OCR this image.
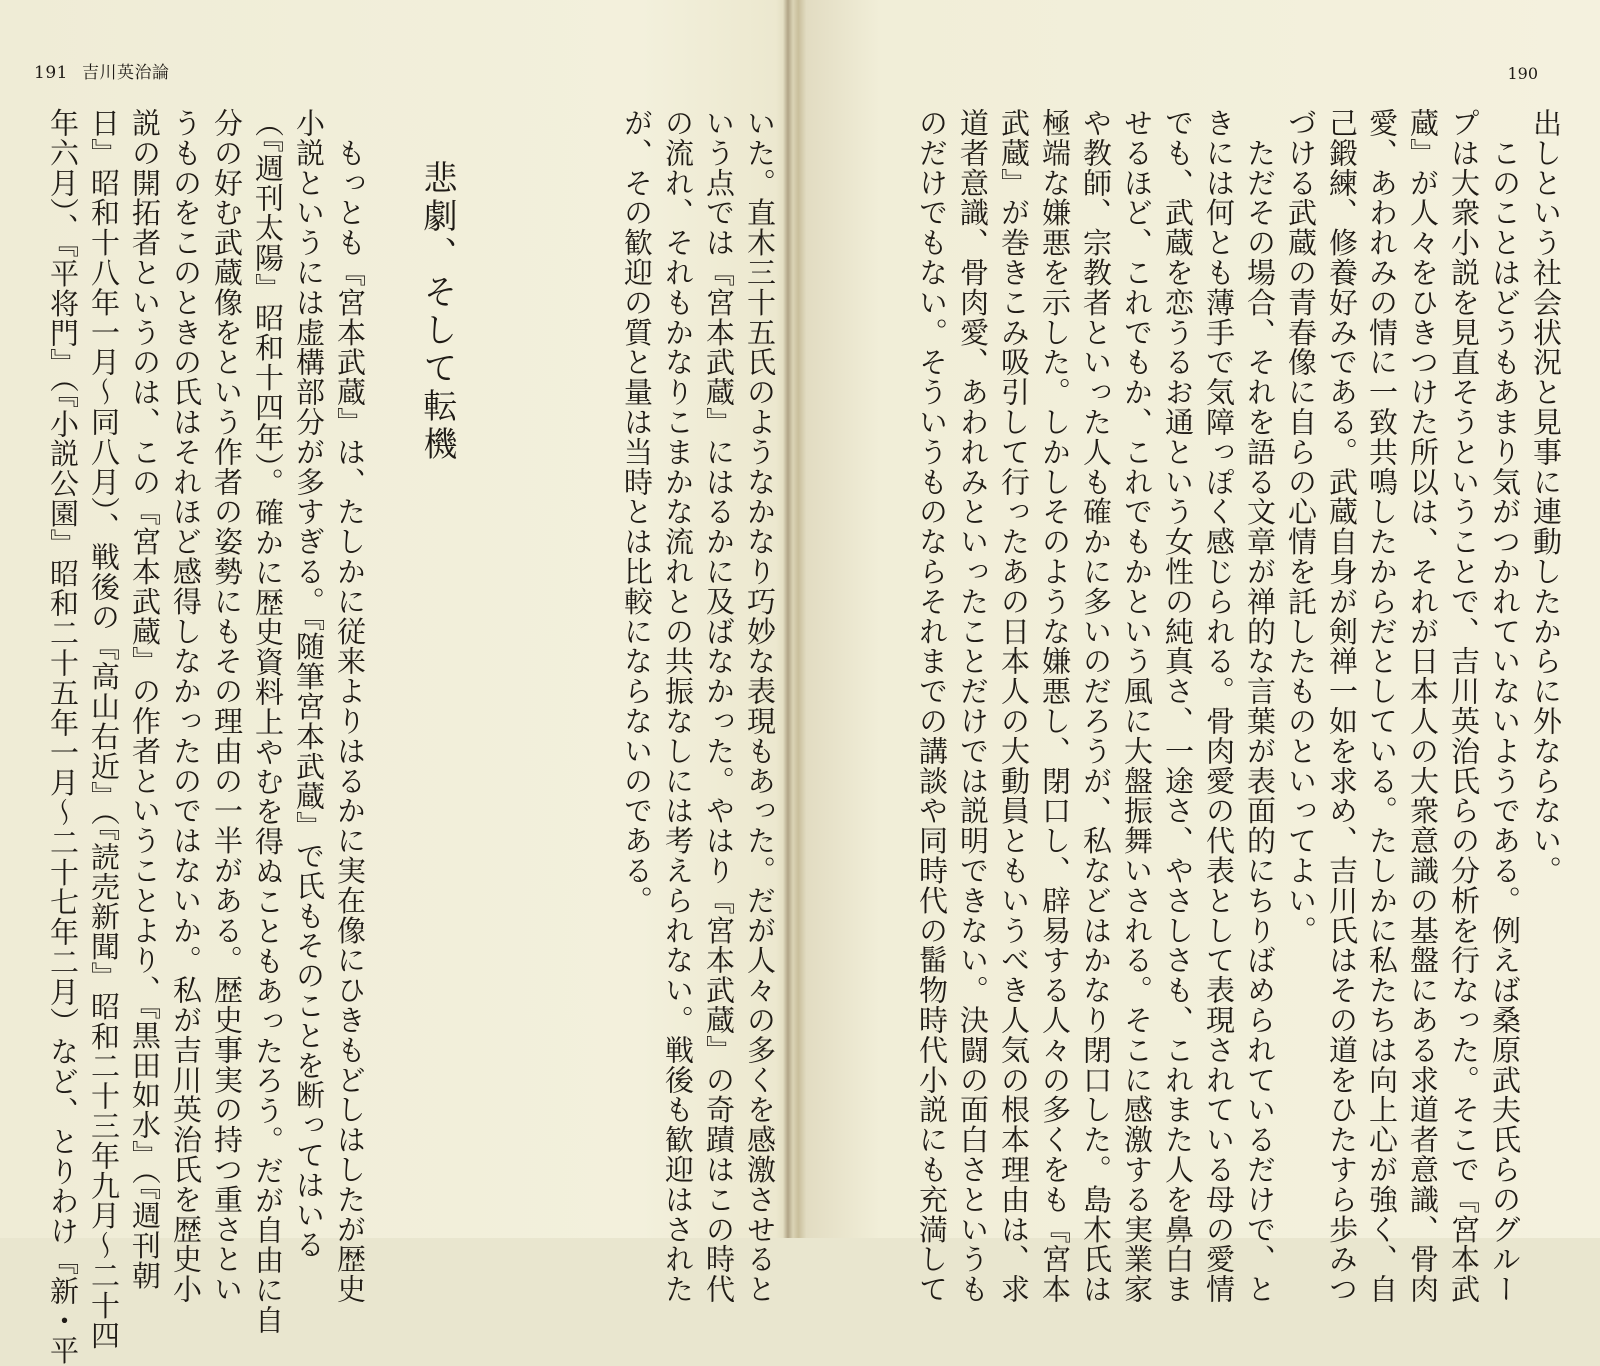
191 吉川英治論
いた。直木三十五氏のようなかなり巧妙な表現もあった。だが人々の多くを感激させると
いう点では『宮本武蔵』にはるかに及ばなかった。やはり『宮本武蔵』の奇蹟はこの時代
の流れ、それもかなりこまかな流れとの共振なしには考えられない。戦後も歓迎はされた
が、その歓迎の質と量は当時とは比較にならないのである。
悲劇、そして転機
　もっとも『宮本武蔵』は、たしかに従来よりはるかに実在像にひきもどしはしたが歴史
小説というには虚構部分が多すぎる。『随筆宮本武蔵』で氏もそのことを断ってはいる
（『週刊太陽』昭和十四年）。確かに歴史資料上やむを得ぬこともあったろう。だが自由に自
分の好む武蔵像をという作者の姿勢にもその理由の一半がある。歴史事実の持つ重さとい
うものをこのときの氏はそれほど感得しなかったのではないか。私が吉川英治氏を歴史小
説の開拓者というのは、この『宮本武蔵』の作者ということより、『黒田如水』（『週刊朝
日』昭和十八年一月〜同八月）、戦後の『高山右近』（『読売新聞』昭和二十三年九月〜二十四
年六月）、『平将門』（『小説公園』昭和二十五年一月〜二十七年二月）など、とりわけ『新・平
190
出しという社会状況と見事に連動したからに外ならない。
　このことはどうもあまり気がつかれていないようである。例えば桑原武夫氏らのグルー
プは大衆小説を見直そうということで、吉川英治氏らの分析を行なった。そこで『宮本武
蔵』が人々をひきつけた所以は、それが日本人の大衆意識の基盤にある求道者意識、骨肉
愛、あわれみの情に一致共鳴したからだとしている。たしかに私たちは向上心が強く、自
己鍛練、修養好みである。武蔵自身が剣禅一如を求め、吉川氏はその道をひたすら歩みつ
づける武蔵の青春像に自らの心情を託したものといってよい。
　ただその場合、それを語る文章が禅的な言葉が表面的にちりばめられているだけで、と
きには何とも薄手で気障っぽく感じられる。骨肉愛の代表として表現されている母の愛情
でも、武蔵を恋うるお通という女性の純真さ、一途さ、やさしさも、これまた人を鼻白ま
せるほど、これでもか、これでもかという風に大盤振舞いされる。そこに感激する実業家
や教師、宗教者といった人も確かに多いのだろうが、私などはかなり閉口した。島木氏は
極端な嫌悪を示した。しかしそのような嫌悪し、閉口し、辟易する人々の多くをも『宮本
武蔵』が巻きこみ吸引して行ったあの日本人の大動員ともいうべき人気の根本理由は、求
道者意識、骨肉愛、あわれみといったことだけでは説明できない。決闘の面白さというも
のだけでもない。そういうものならそれまでの講談や同時代の髷物時代小説にも充満して
